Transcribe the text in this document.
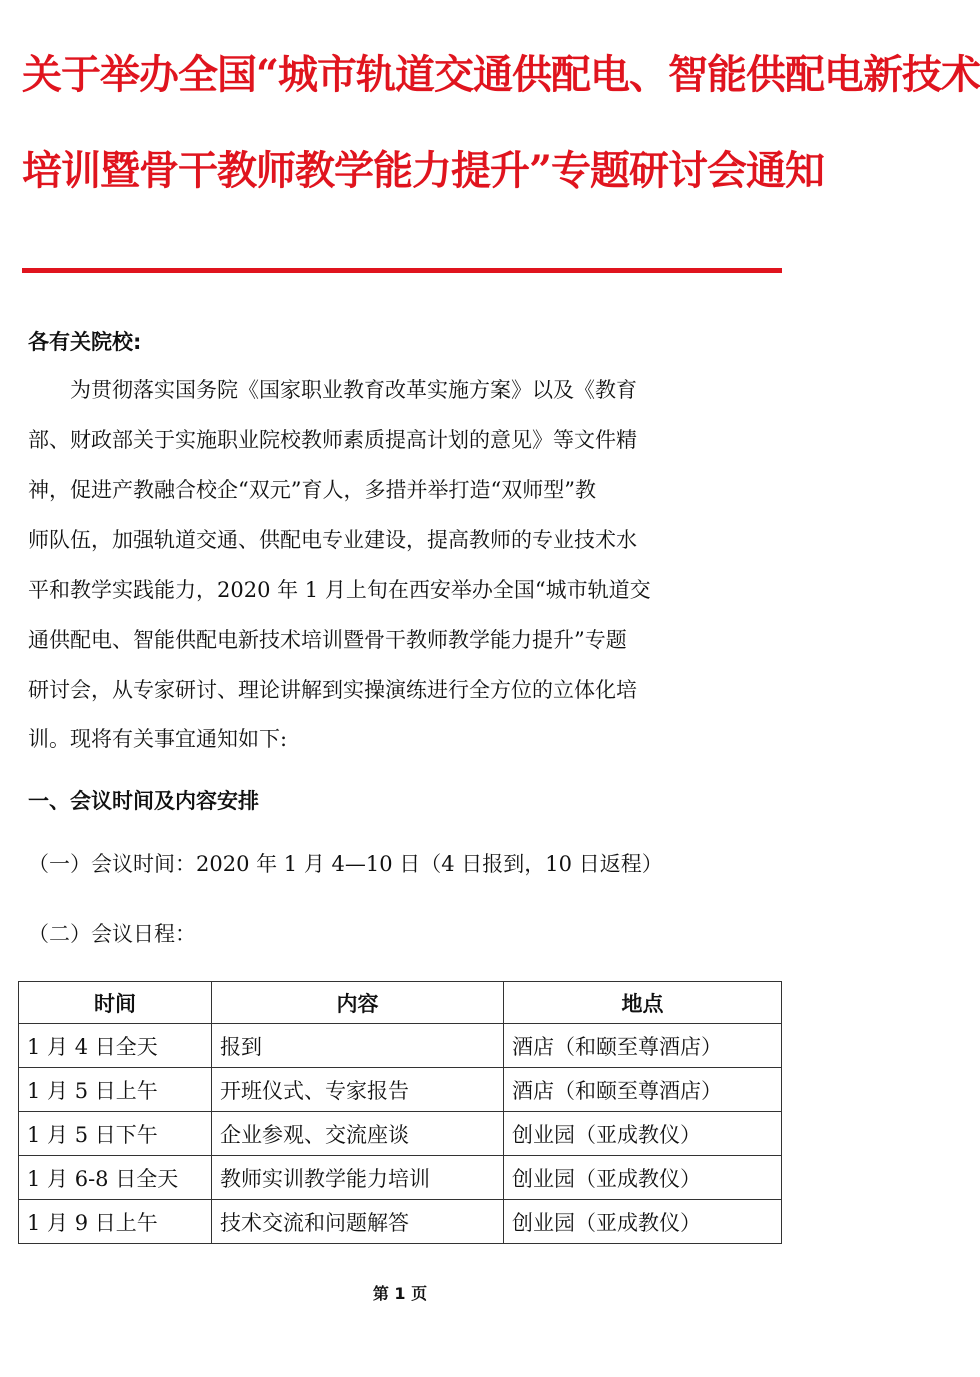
关于举办全国“城市轨道交通供配电、智能供配电新技术
培训暨骨干教师教学能力提升”专题研讨会通知

各有关院校:

　　为贯彻落实国务院《国家职业教育改革实施方案》以及《教育

部、财政部关于实施职业院校教师素质提高计划的意见》等文件精

神，促进产教融合校企“双元”育人，多措并举打造“双师型”教

师队伍，加强轨道交通、供配电专业建设，提高教师的专业技术水

平和教学实践能力，2020 年 1 月上旬在西安举办全国“城市轨道交

通供配电、智能供配电新技术培训暨骨干教师教学能力提升”专题

研讨会，从专家研讨、理论讲解到实操演练进行全方位的立体化培

训。现将有关事宜通知如下:

一、会议时间及内容安排

（一）会议时间：2020 年 1 月 4—10 日（4 日报到，10 日返程）

（二）会议日程：

时间	内容	地点
1 月 4 日全天	报到	酒店（和颐至尊酒店）
1 月 5 日上午	开班仪式、专家报告	酒店（和颐至尊酒店）
1 月 5 日下午	企业参观、交流座谈	创业园（亚成教仪）
1 月 6-8 日全天	教师实训教学能力培训	创业园（亚成教仪）
1 月 9 日上午	技术交流和问题解答	创业园（亚成教仪）
第 1 页
